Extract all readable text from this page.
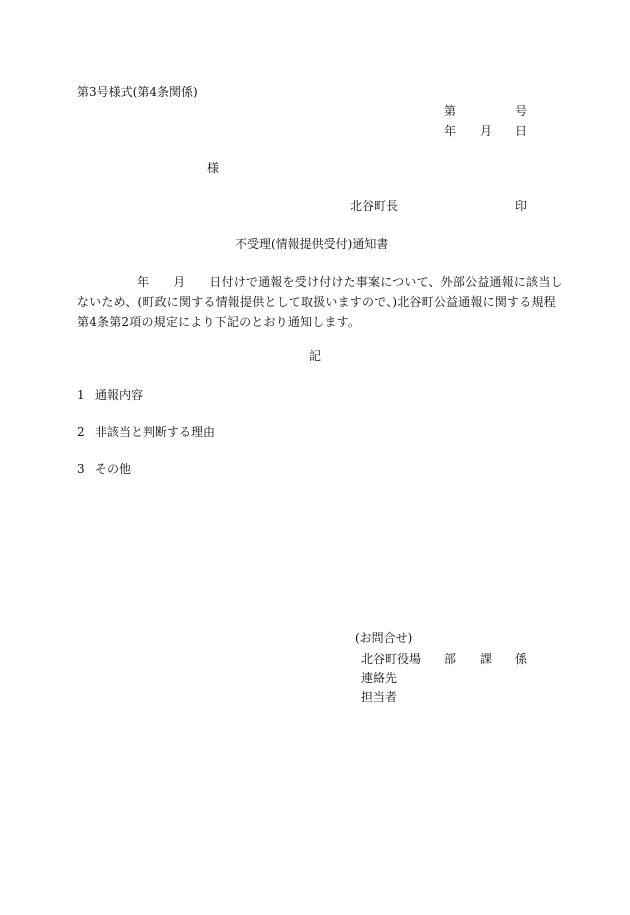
第3号様式(第4条関係)
第	号
年 月 日
様
北谷町長	印
不受理(情報提供受付)通知書
年 月 日付けで通報を受け付けた事案について、外部公益通報に該当し
ないため、(町政に関する情報提供として取扱いますので、)北谷町公益通報に関する規程
第4条第2項の規定により下記のとおり通知します。
記
1 通報内容
2 非該当と判断する理由
3 その他
(お問合せ)
北谷町役場 部 課 係
連絡先
担当者
